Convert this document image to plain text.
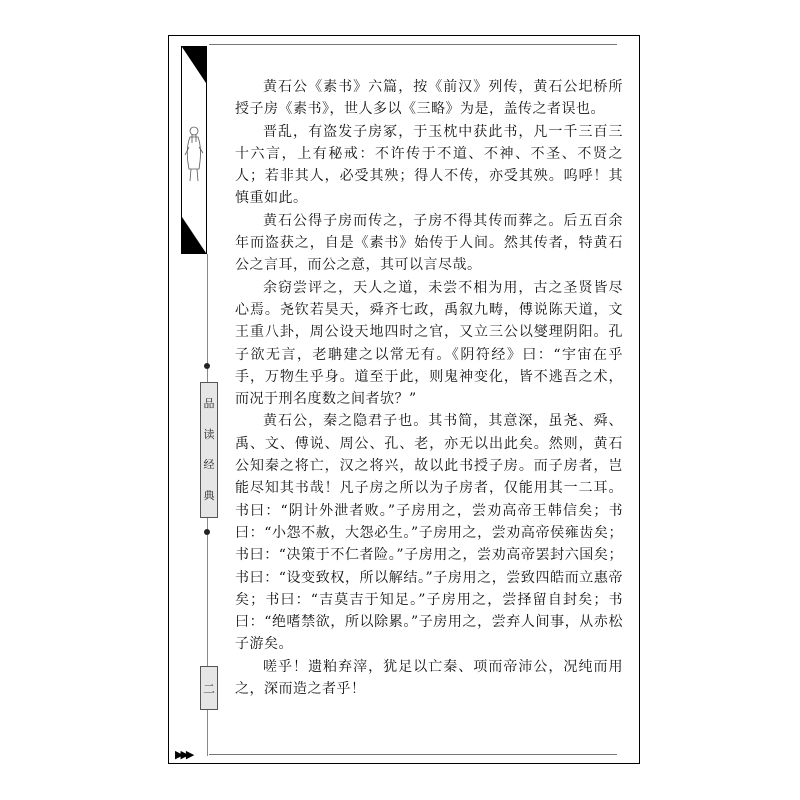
品
读
经
典
二
▶▶▶

黄石公《素书》六篇，按《前汉》列传，黄石公圯桥所授子房《素书》，世人多以《三略》为是，盖传之者误也。

晋乱，有盗发子房冢，于玉枕中获此书，凡一千三百三十六言，上有秘戒：不许传于不道、不神、不圣、不贤之人；若非其人，必受其殃；得人不传，亦受其殃。呜呼！其慎重如此。

黄石公得子房而传之，子房不得其传而葬之。后五百余年而盗获之，自是《素书》始传于人间。然其传者，特黄石公之言耳，而公之意，其可以言尽哉。

余窃尝评之，天人之道，未尝不相为用，古之圣贤皆尽心焉。尧钦若昊天，舜齐七政，禹叙九畴，傅说陈天道，文王重八卦，周公设天地四时之官，又立三公以燮理阴阳。孔子欲无言，老聃建之以常无有。《阴符经》曰：“宇宙在乎手，万物生乎身。道至于此，则鬼神变化，皆不逃吾之术，而况于刑名度数之间者欤？”

黄石公，秦之隐君子也。其书简，其意深，虽尧、舜、禹、文、傅说、周公、孔、老，亦无以出此矣。然则，黄石公知秦之将亡，汉之将兴，故以此书授子房。而子房者，岂能尽知其书哉！凡子房之所以为子房者，仅能用其一二耳。书曰：“阴计外泄者败。”子房用之，尝劝高帝王韩信矣；书曰：“小怨不赦，大怨必生。”子房用之，尝劝高帝侯雍齿矣；书曰：“决策于不仁者险。”子房用之，尝劝高帝罢封六国矣；书曰：“设变致权，所以解结。”子房用之，尝致四皓而立惠帝矣；书曰：“吉莫吉于知足。”子房用之，尝择留自封矣；书曰：“绝嗜禁欲，所以除累。”子房用之，尝弃人间事，从赤松子游矣。

嗟乎！遗粕弃滓，犹足以亡秦、项而帝沛公，况纯而用之，深而造之者乎！
